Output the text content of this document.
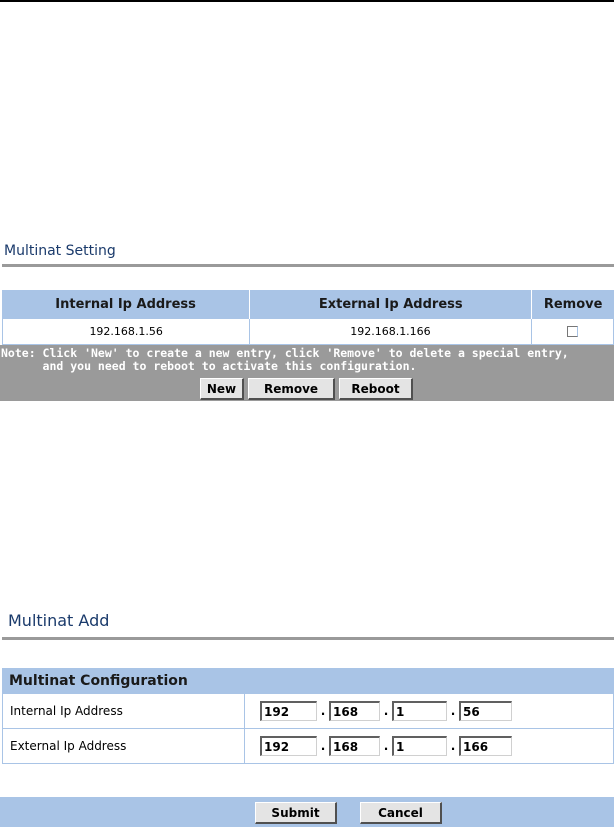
Multinat Setting
Internal Ip Address	External Ip Address	Remove
192.168.1.56	192.168.1.166
Note: Click 'New' to create a new entry, click 'Remove' to delete a special entry,
and you need to reboot to activate this configuration.
New	Remove	Reboot
Multinat Add
Multinat Configuration
Internal Ip Address	192	. 168	. 1	. 56
External Ip Address	192	. 168	. 1	. 166
Submit	Cancel
